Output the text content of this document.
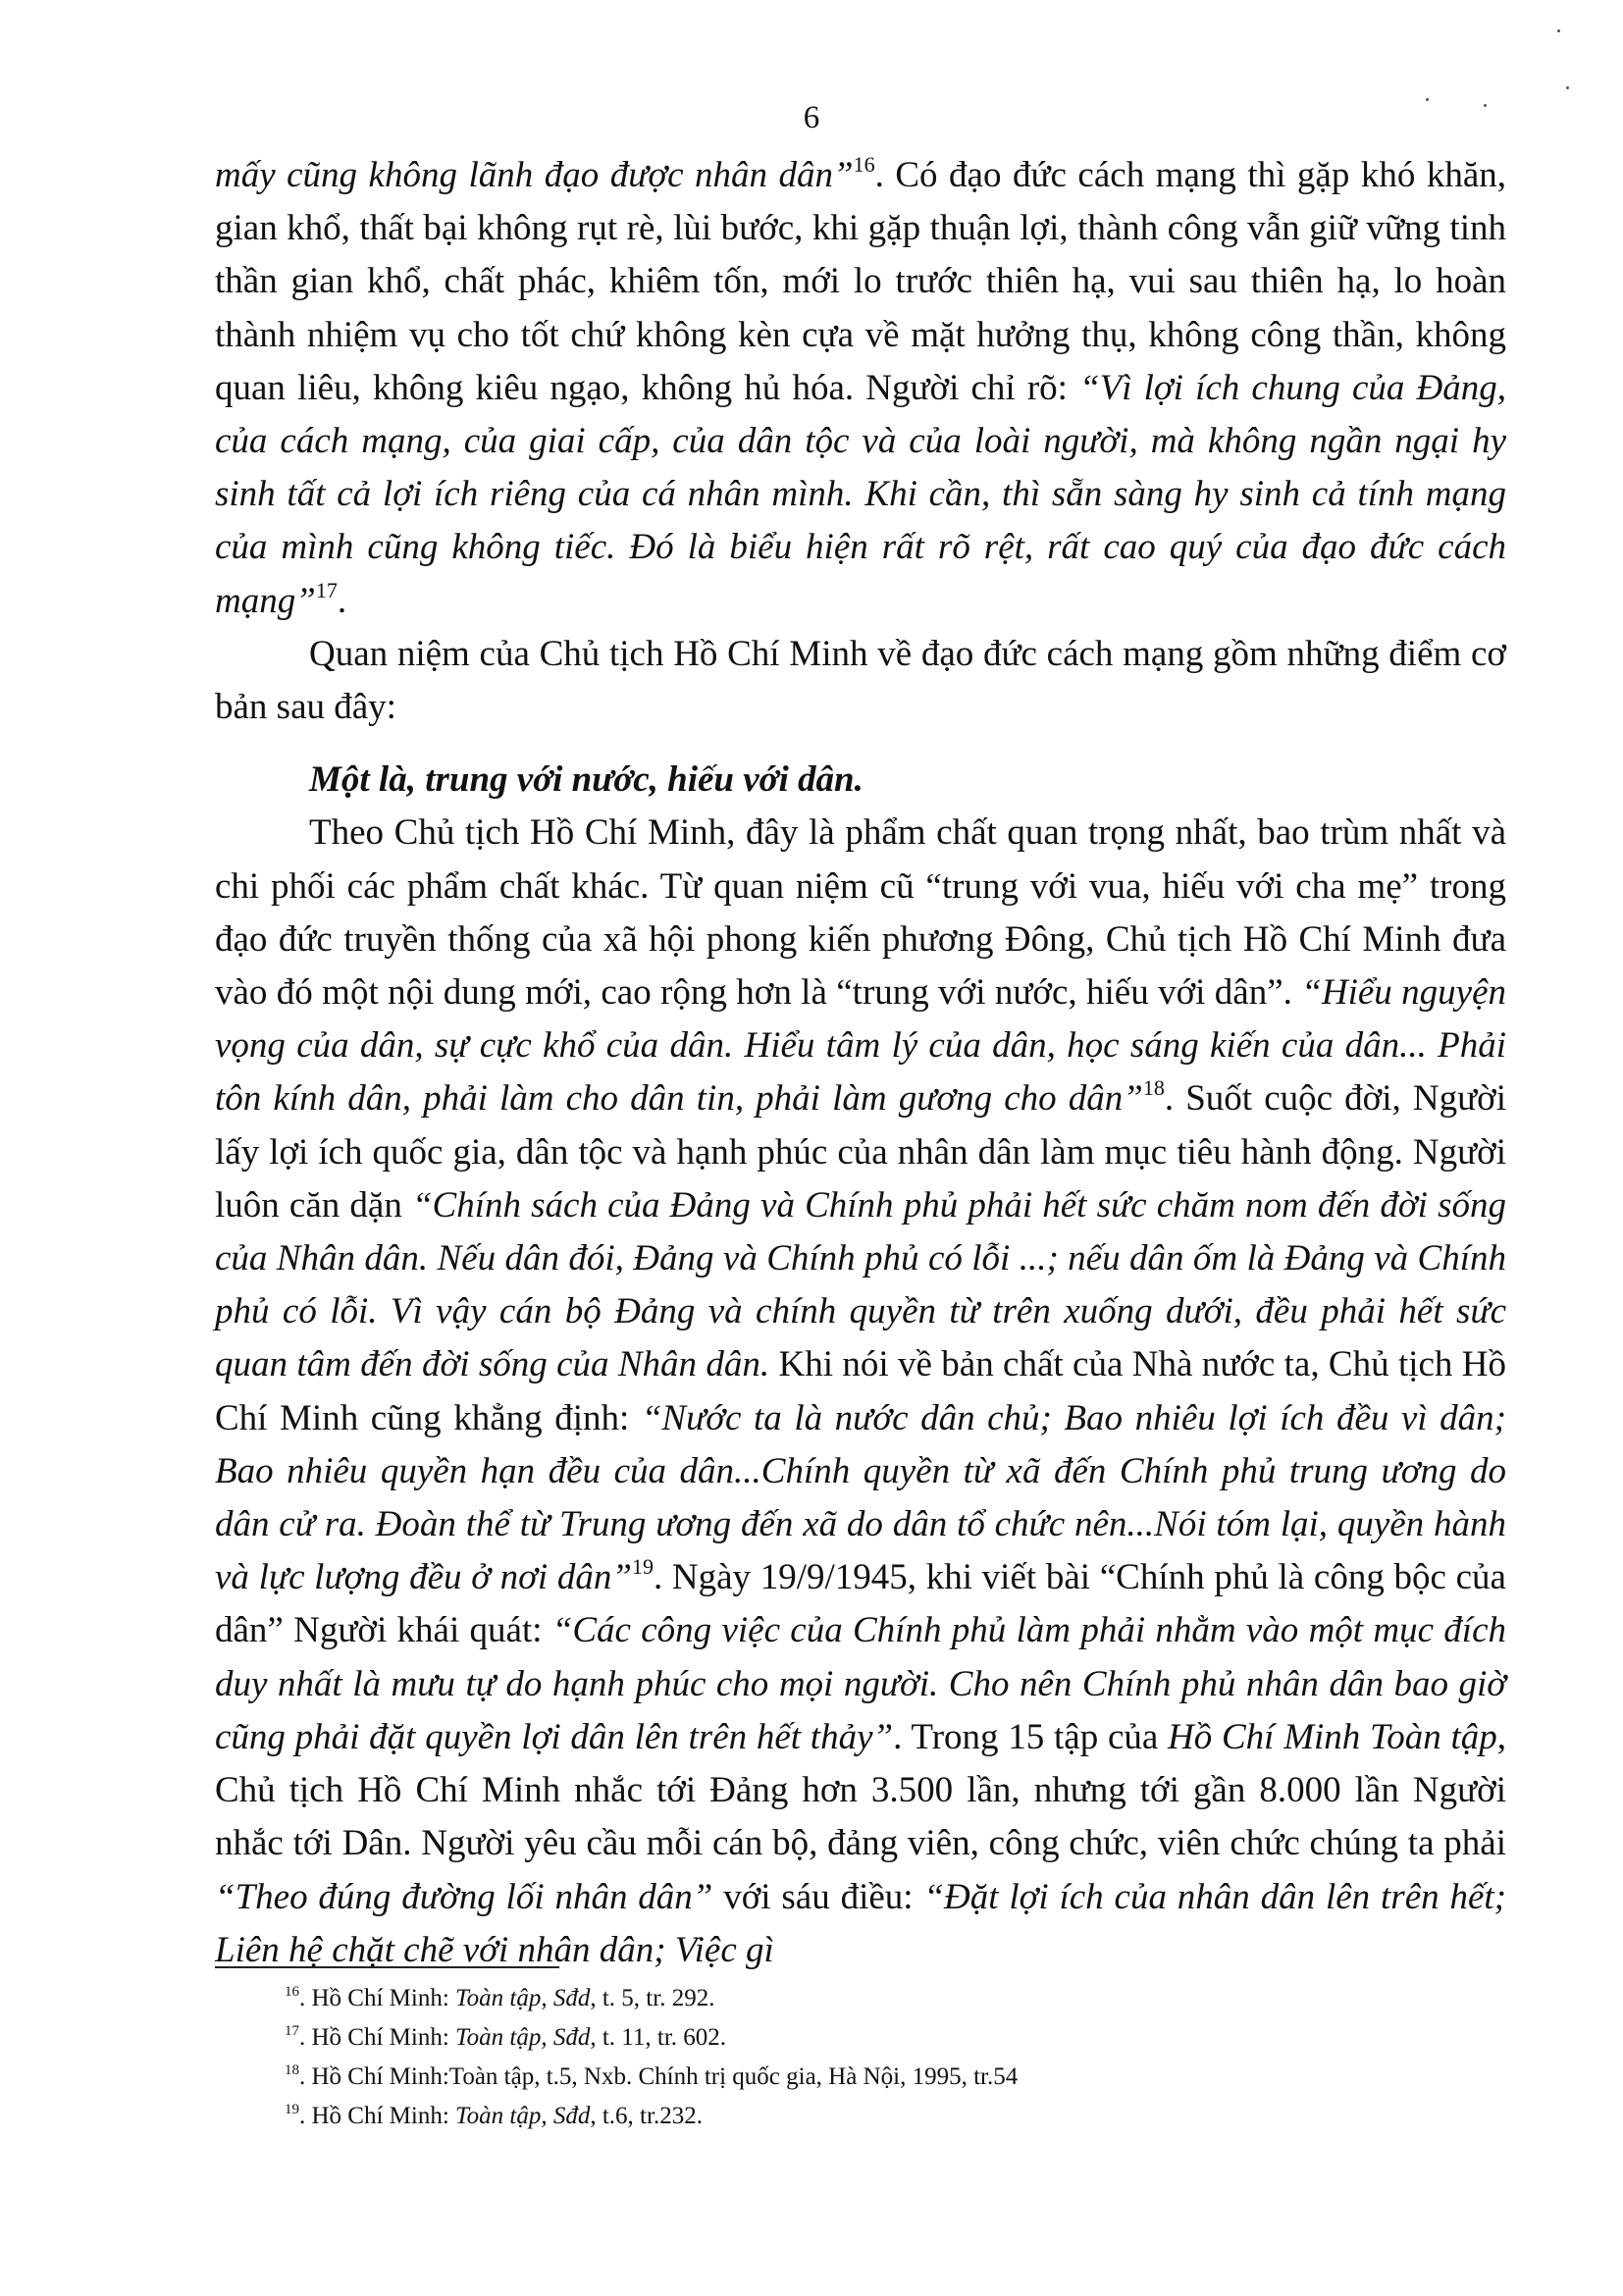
6

mấy cũng không lãnh đạo được nhân dân”$^{16}$. Có đạo đức cách mạng thì gặp khó khăn, gian khổ, thất bại không rụt rè, lùi bước, khi gặp thuận lợi, thành công vẫn giữ vững tinh thần gian khổ, chất phác, khiêm tốn, mới lo trước thiên hạ, vui sau thiên hạ, lo hoàn thành nhiệm vụ cho tốt chứ không kèn cựa về mặt hưởng thụ, không công thần, không quan liêu, không kiêu ngạo, không hủ hóa. Người chỉ rõ: “Vì lợi ích chung của Đảng, của cách mạng, của giai cấp, của dân tộc và của loài người, mà không ngần ngại hy sinh tất cả lợi ích riêng của cá nhân mình. Khi cần, thì sẵn sàng hy sinh cả tính mạng của mình cũng không tiếc. Đó là biểu hiện rất rõ rệt, rất cao quý của đạo đức cách mạng”$^{17}$.

Quan niệm của Chủ tịch Hồ Chí Minh về đạo đức cách mạng gồm những điểm cơ bản sau đây:

Một là, trung với nước, hiếu với dân.

Theo Chủ tịch Hồ Chí Minh, đây là phẩm chất quan trọng nhất, bao trùm nhất và chi phối các phẩm chất khác. Từ quan niệm cũ “trung với vua, hiếu với cha mẹ” trong đạo đức truyền thống của xã hội phong kiến phương Đông, Chủ tịch Hồ Chí Minh đưa vào đó một nội dung mới, cao rộng hơn là “trung với nước, hiếu với dân”. “Hiểu nguyện vọng của dân, sự cực khổ của dân. Hiểu tâm lý của dân, học sáng kiến của dân... Phải tôn kính dân, phải làm cho dân tin, phải làm gương cho dân”$^{18}$. Suốt cuộc đời, Người lấy lợi ích quốc gia, dân tộc và hạnh phúc của nhân dân làm mục tiêu hành động. Người luôn căn dặn “Chính sách của Đảng và Chính phủ phải hết sức chăm nom đến đời sống của Nhân dân. Nếu dân đói, Đảng và Chính phủ có lỗi ...; nếu dân ốm là Đảng và Chính phủ có lỗi. Vì vậy cán bộ Đảng và chính quyền từ trên xuống dưới, đều phải hết sức quan tâm đến đời sống của Nhân dân. Khi nói về bản chất của Nhà nước ta, Chủ tịch Hồ Chí Minh cũng khẳng định: “Nước ta là nước dân chủ; Bao nhiêu lợi ích đều vì dân; Bao nhiêu quyền hạn đều của dân...Chính quyền từ xã đến Chính phủ trung ương do dân cử ra. Đoàn thể từ Trung ương đến xã do dân tổ chức nên...Nói tóm lại, quyền hành và lực lượng đều ở nơi dân”$^{19}$. Ngày 19/9/1945, khi viết bài “Chính phủ là công bộc của dân” Người khái quát: “Các công việc của Chính phủ làm phải nhằm vào một mục đích duy nhất là mưu tự do hạnh phúc cho mọi người. Cho nên Chính phủ nhân dân bao giờ cũng phải đặt quyền lợi dân lên trên hết thảy”. Trong 15 tập của Hồ Chí Minh Toàn tập, Chủ tịch Hồ Chí Minh nhắc tới Đảng hơn 3.500 lần, nhưng tới gần 8.000 lần Người nhắc tới Dân. Người yêu cầu mỗi cán bộ, đảng viên, công chức, viên chức chúng ta phải “Theo đúng đường lối nhân dân” với sáu điều: “Đặt lợi ích của nhân dân lên trên hết; Liên hệ chặt chẽ với nhân dân; Việc gì

$^{16}$. Hồ Chí Minh: Toàn tập, Sđd, t. 5, tr. 292.

$^{17}$. Hồ Chí Minh: Toàn tập, Sđd, t. 11, tr. 602.

$^{18}$. Hồ Chí Minh:Toàn tập, t.5, Nxb. Chính trị quốc gia, Hà Nội, 1995, tr.54

$^{19}$. Hồ Chí Minh: Toàn tập, Sđd, t.6, tr.232.
